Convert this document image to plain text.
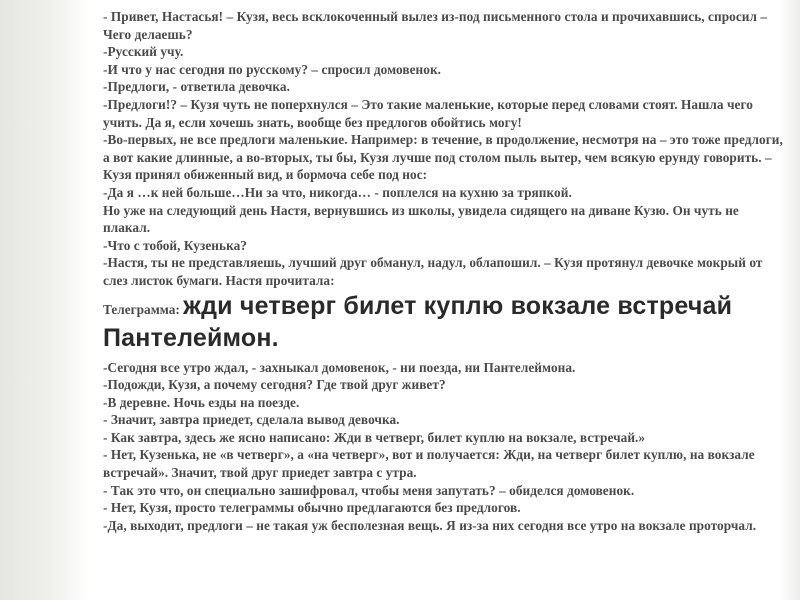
- Привет, Настасья! – Кузя, весь всклокоченный вылез из-под письменного стола и прочихавшись, спросил – Чего делаешь?

-Русский учу.

-И что у нас сегодня по русскому? – спросил домовенок.

-Предлоги, - ответила девочка.

-Предлоги!? – Кузя чуть не поперхнулся – Это такие маленькие, которые перед словами стоят. Нашла чего учить. Да я, если хочешь знать, вообще без предлогов обойтись могу!

-Во-первых, не все предлоги маленькие. Например: в течение, в продолжение, несмотря на – это тоже предлоги, а вот какие длинные, а во-вторых, ты бы, Кузя лучше под столом пыль вытер, чем всякую ерунду говорить. –Кузя принял обиженный вид, и бормоча себе под нос:

-Да я …к ней больше…Ни за что, никогда… - поплелся на кухню за тряпкой.

Но уже на следующий день Настя, вернувшись из школы, увидела сидящего на диване Кузю. Он чуть не плакал.

-Что с тобой, Кузенька?

-Настя, ты не представляешь, лучший друг обманул, надул, облапошил. – Кузя протянул девочке мокрый от слез листок бумаги. Настя прочитала:

Телеграмма: жди четверг билет куплю вокзале встречай Пантелеймон.

-Сегодня все утро ждал, - захныкал домовенок, - ни поезда, ни Пантелеймона.

-Подожди, Кузя, а почему сегодня? Где твой друг живет?

-В деревне. Ночь езды на поезде.

- Значит, завтра приедет, сделала вывод девочка.

- Как завтра, здесь же ясно написано: Жди в четверг, билет куплю на вокзале, встречай.»

- Нет, Кузенька, не «в четверг», а «на четверг», вот и получается: Жди, на четверг билет куплю, на вокзале встречай». Значит, твой друг приедет завтра с утра.

- Так это что, он специально зашифровал, чтобы меня запутать? – обиделся домовенок.

- Нет, Кузя, просто телеграммы обычно предлагаются без предлогов.

-Да, выходит, предлоги – не такая уж бесполезная вещь. Я из-за них сегодня все утро на вокзале проторчал.
